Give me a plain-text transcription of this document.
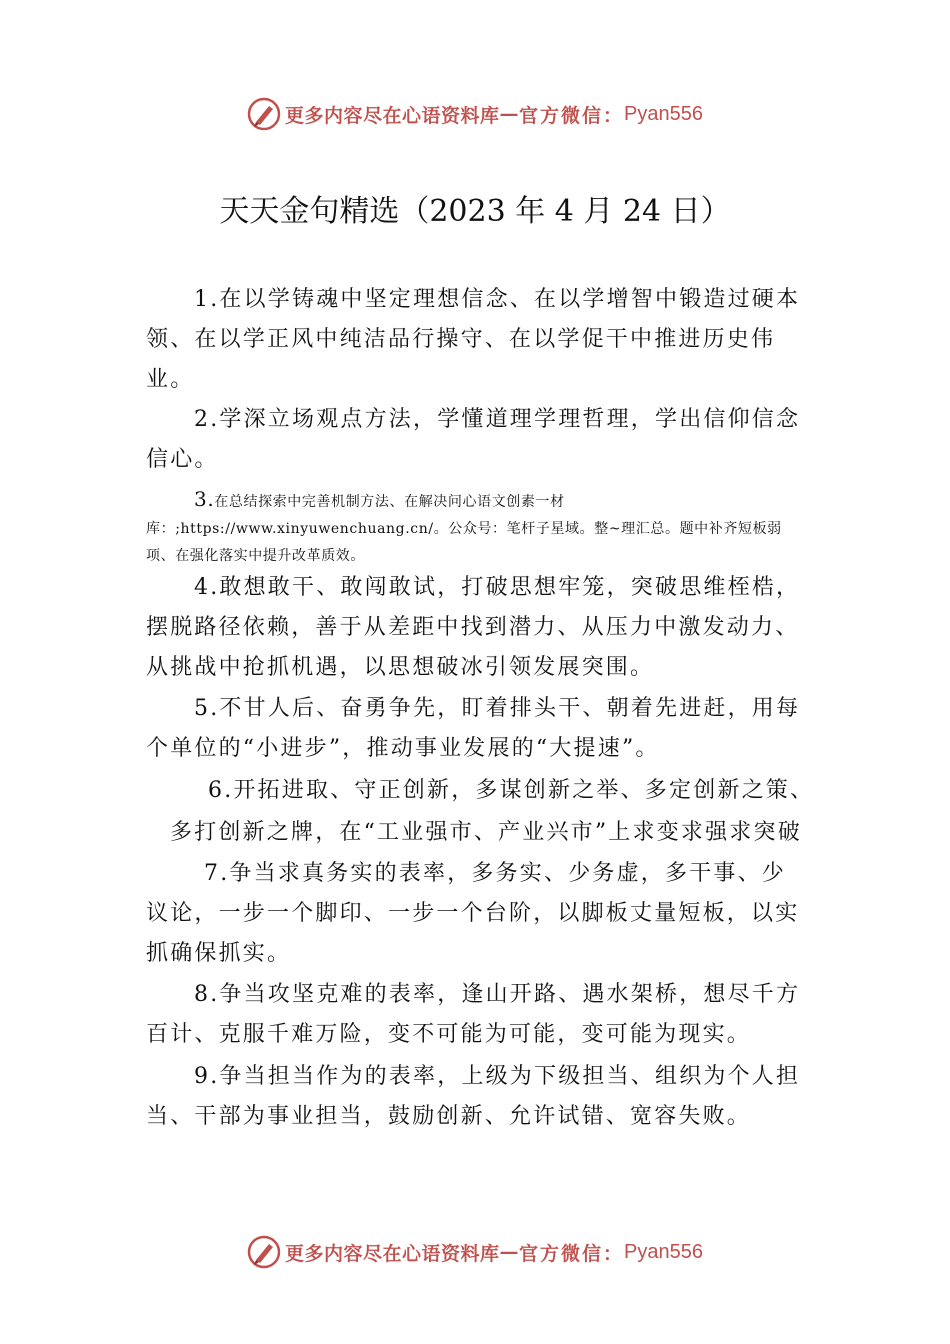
更多内容尽在心语资料库 — 官方微信： Pyan556
天天金句精选（2023 年 4 月 24 日）

1.在以学铸魂中坚定理想信念、在以学增智中锻造过硬本领、在以学正风中纯洁品行操守、在以学促干中推进历史伟业。

2.学深立场观点方法，学懂道理学理哲理，学出信仰信念信心。

3.在总结探索中完善机制方法、在解决问心语文创素一材库：;https://www.xinyuwenchuang.cn/。公众号：笔杆子星域。整~理汇总。题中补齐短板弱项、在强化落实中提升改革质效。

4.敢想敢干、敢闯敢试，打破思想牢笼，突破思维桎梏，摆脱路径依赖，善于从差距中找到潜力、从压力中激发动力、从挑战中抢抓机遇，以思想破冰引领发展突围。

5.不甘人后、奋勇争先，盯着排头干、朝着先进赶，用每个单位的“小进步”，推动事业发展的“大提速”。

6.开拓进取、守正创新，多谋创新之举、多定创新之策、

多打创新之牌，在“工业强市、产业兴市”上求变求强求突破

7.争当求真务实的表率，多务实、少务虚，多干事、少议论，一步一个脚印、一步一个台阶，以脚板丈量短板，以实抓确保抓实。

8.争当攻坚克难的表率，逢山开路、遇水架桥，想尽千方百计、克服千难万险，变不可能为可能，变可能为现实。

9.争当担当作为的表率，上级为下级担当、组织为个人担当、干部为事业担当，鼓励创新、允许试错、宽容失败。

更多内容尽在心语资料库 — 官方微信： Pyan556
